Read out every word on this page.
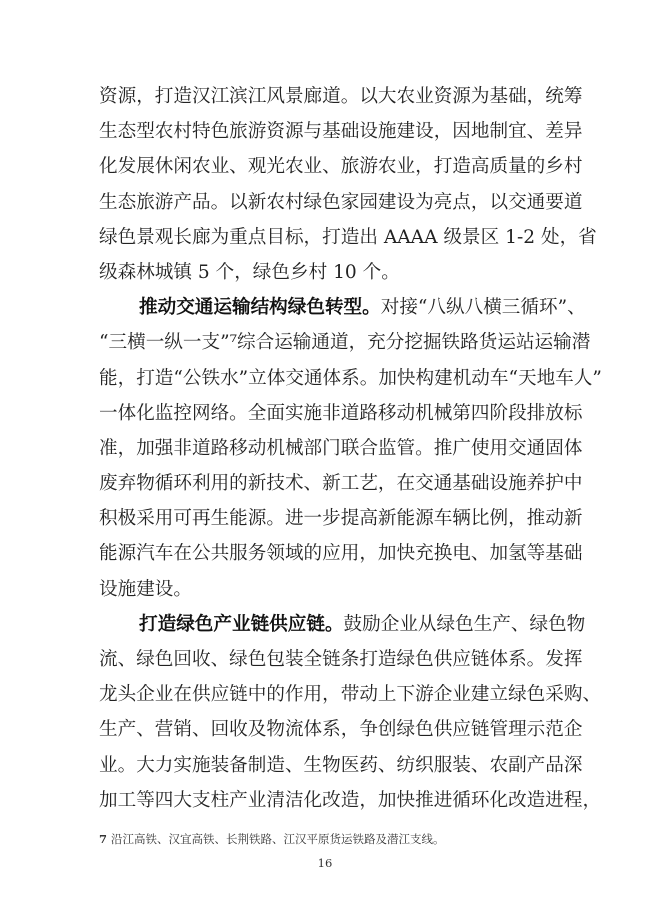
资源，打造汉江滨江风景廊道。以大农业资源为基础，统筹
生态型农村特色旅游资源与基础设施建设，因地制宜、差异
化发展休闲农业、观光农业、旅游农业，打造高质量的乡村
生态旅游产品。以新农村绿色家园建设为亮点，以交通要道
绿色景观长廊为重点目标，打造出 AAAA 级景区 1-2 处，省
级森林城镇 5 个，绿色乡村 10 个。
推动交通运输结构绿色转型。对接“八纵八横三循环”、
“三横一纵一支”⁷综合运输通道，充分挖掘铁路货运站运输潜
能，打造“公铁水”立体交通体系。加快构建机动车“天地车人”
一体化监控网络。全面实施非道路移动机械第四阶段排放标
准，加强非道路移动机械部门联合监管。推广使用交通固体
废弃物循环利用的新技术、新工艺，在交通基础设施养护中
积极采用可再生能源。进一步提高新能源车辆比例，推动新
能源汽车在公共服务领域的应用，加快充换电、加氢等基础
设施建设。
打造绿色产业链供应链。鼓励企业从绿色生产、绿色物
流、绿色回收、绿色包装全链条打造绿色供应链体系。发挥
龙头企业在供应链中的作用，带动上下游企业建立绿色采购、
生产、营销、回收及物流体系，争创绿色供应链管理示范企
业。大力实施装备制造、生物医药、纺织服装、农副产品深
加工等四大支柱产业清洁化改造，加快推进循环化改造进程，
7 沿江高铁、汉宜高铁、长荆铁路、江汉平原货运铁路及潜江支线。
16
